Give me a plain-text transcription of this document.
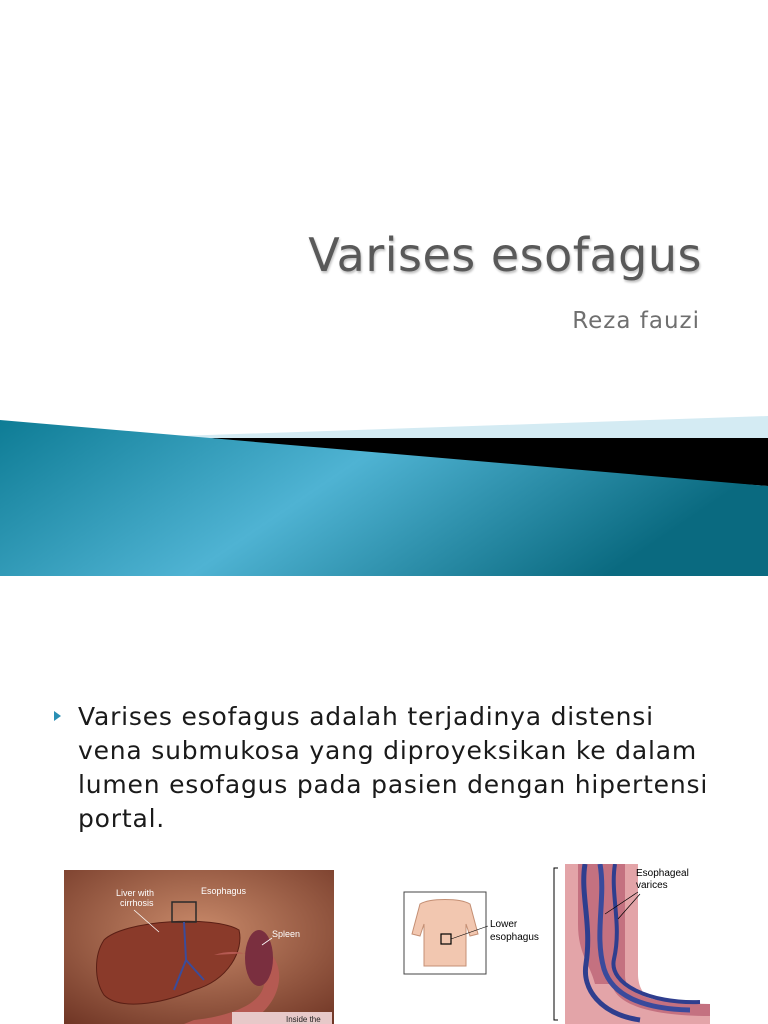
Varises esofagus
Reza fauzi
Varises esofagus adalah terjadinya distensi vena submukosa yang diproyeksikan ke dalam lumen esofagus pada pasien dengan hipertensi portal.
Liver with
cirrhosis
Esophagus
Spleen
Inside the
Lower
esophagus
Esophageal
varices
